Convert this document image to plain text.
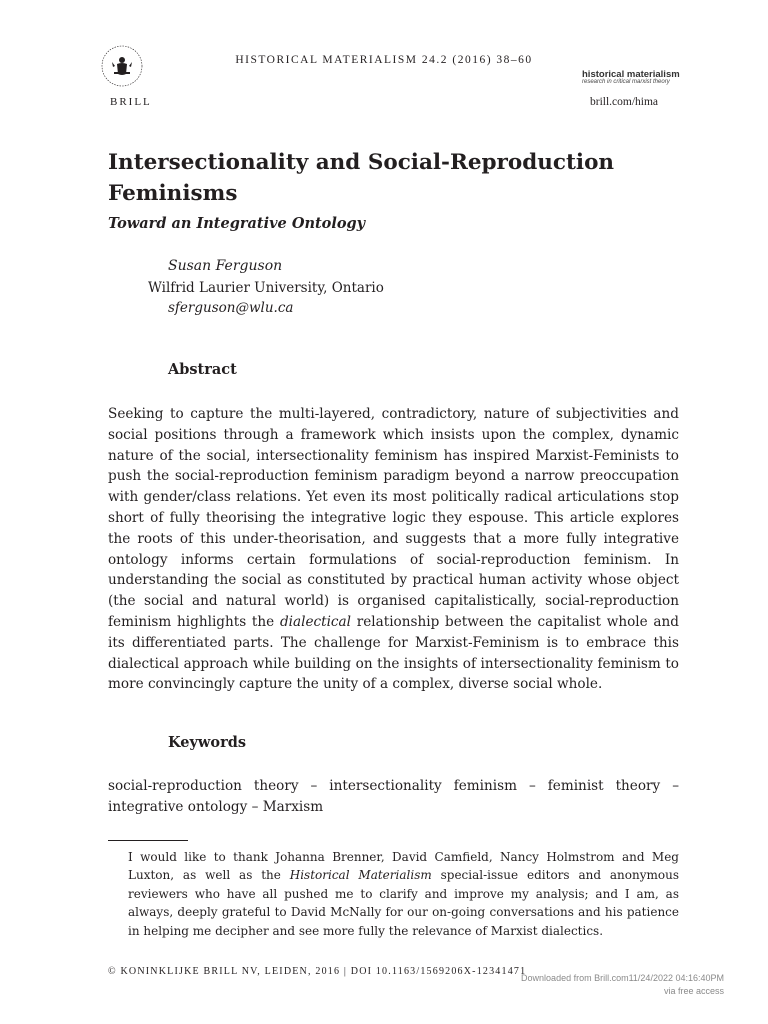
BRILL
HISTORICAL MATERIALISM 24.2 (2016) 38–60
historical materialism
research in critical marxist theory
brill.com/hima
Intersectionality and Social-Reproduction Feminisms
Toward an Integrative Ontology
Susan Ferguson
Wilfrid Laurier University, Ontario
sferguson@wlu.ca
Abstract
Seeking to capture the multi-layered, contradictory, nature of subjectivities and social positions through a framework which insists upon the complex, dynamic nature of the social, intersectionality feminism has inspired Marxist-Feminists to push the social-reproduction feminism paradigm beyond a narrow preoccupation with gender/class relations. Yet even its most politically radical articulations stop short of fully theorising the integrative logic they espouse. This article explores the roots of this under-theorisation, and suggests that a more fully integrative ontology informs certain formulations of social-reproduction feminism. In understanding the social as constituted by practical human activity whose object (the social and natural world) is organised capitalistically, social-reproduction feminism highlights the dialectical relationship between the capitalist whole and its differentiated parts. The challenge for Marxist-Feminism is to embrace this dialectical approach while building on the insights of intersectionality feminism to more convincingly capture the unity of a complex, diverse social whole.
Keywords
social-reproduction theory – intersectionality feminism – feminist theory – integrative ontology – Marxism
I would like to thank Johanna Brenner, David Camfield, Nancy Holmstrom and Meg Luxton, as well as the Historical Materialism special-issue editors and anonymous reviewers who have all pushed me to clarify and improve my analysis; and I am, as always, deeply grateful to David McNally for our on-going conversations and his patience in helping me decipher and see more fully the relevance of Marxist dialectics.
© KONINKLIJKE BRILL NV, LEIDEN, 2016 | DOI 10.1163/1569206X-12341471
Downloaded from Brill.com11/24/2022 04:16:40PM
via free access
